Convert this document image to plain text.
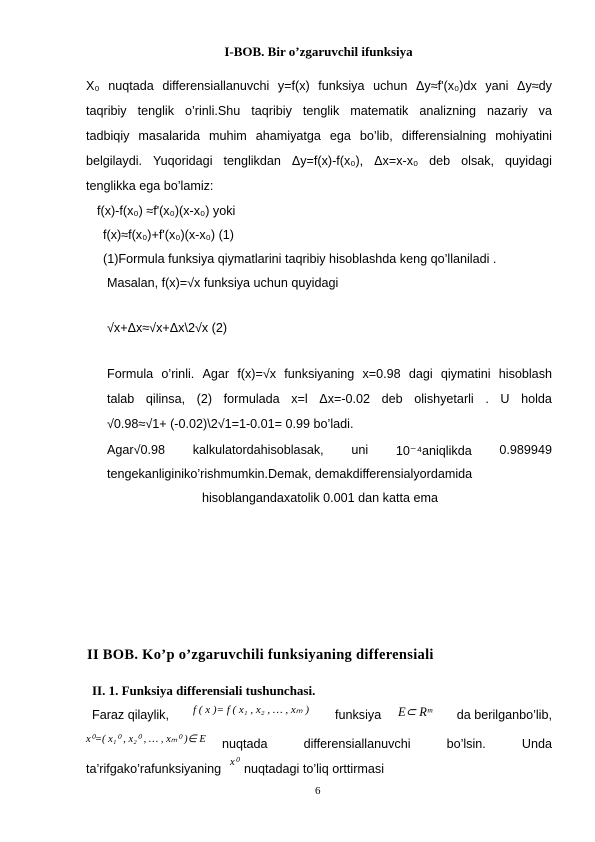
I-BOB. Bir o’zgaruvchil ifunksiya
X₀ nuqtada differensiallanuvchi y=f(x) funksiya uchun Δy≈f'(x₀)dx yani Δy≈dy
taqribiy tenglik o’rinli.Shu taqribiy tenglik matematik analizning nazariy va
tadbiqiy masalarida muhim ahamiyatga ega bo’lib, differensialning mohiyatini
belgilaydi. Yuqoridagi tenglikdan Δy=f(x)-f(x₀), Δx=x-x₀ deb olsak, quyidagi
tenglikka ega bo’lamiz:
f(x)-f(x₀) ≈f'(x₀)(x-x₀) yoki
f(x)≈f(x₀)+f'(x₀)(x-x₀) (1)
(1)Formula funksiya qiymatlarini taqribiy hisoblashda keng qo’llaniladi .
Masalan, f(x)=√x funksiya uchun quyidagi
√x+Δx≈√x+Δx\2√x (2)
Formula o’rinli. Agar f(x)=√x funksiyaning x=0.98 dagi qiymatini hisoblash
talab qilinsa, (2) formulada x=l Δx=-0.02 deb olishyetarli . U holda
√0.98≈√1+ (-0.02)\2√1=1-0.01= 0.99 bo’ladi.
Agar√0.98 kalkulatordahisoblasak, uni 10⁻⁴aniqlikda 0.989949
tengekanliginiko’rishmumkin.Demak, demakdifferensialyordamida
hisoblangandaxatolik 0.001 dan katta ema
II BOB. Ko’p o’zgaruvchili funksiyaning differensiali
II. 1. Funksiya differensiali tushunchasi.
Faraz qilaylik, f ( x )= f ( x₁ , x₂ , … , xₘ ) funksiya E⊂ Rᵐ	da berilganbo’lib,
x⁰=( x₁⁰ , x₂⁰ , … , xₘ⁰ )∈ E nuqtada	differensiallanuvchi	bo’lsin.	Unda
ta’rifgako’rafunksiyaning x⁰ nuqtadagi to’liq orttirmasi
6
